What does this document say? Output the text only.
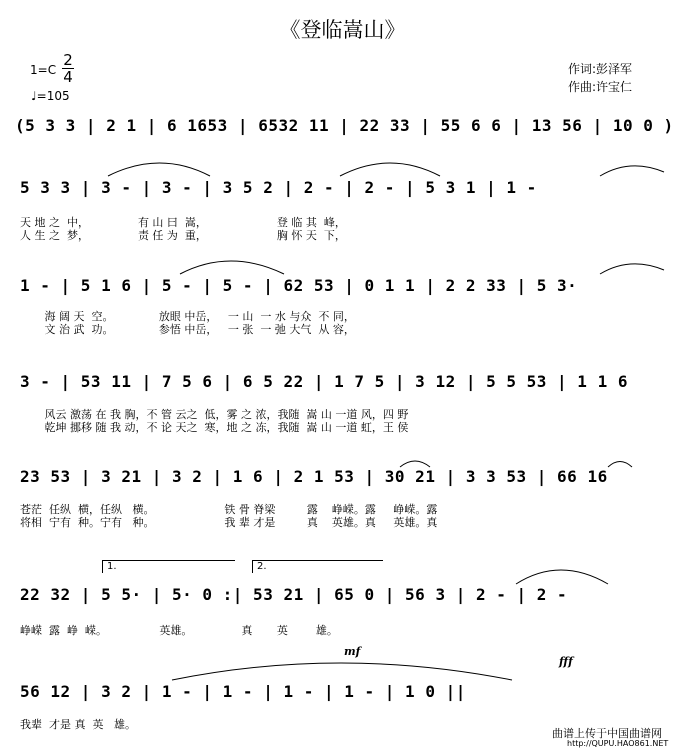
《登临嵩山》
1=C
2
4
♩=105
作词:彭泽军
作曲:许宝仁
(5 3 3 | 2 1 | 6 1653 | 6532 11 | 22 33 | 55 6 6 | 13 56 | 10 0 )
5 3 3 | 3 - | 3 - | 3 5 2 | 2 - | 2 - | 5 3 1 | 1 -
天 地 之  中，              有 山 曰  嵩，                    登 临 其  峰，
人 生 之  梦，              责 任 为  重，                    胸 怀 天  下，
1 - | 5 1 6 | 5 - | 5 - | 62 53 | 0 1 1 | 2 2 33 | 5 3·
海 阔 天  空。             放眼 中岳，   一 山  一 水 与众  不 同，
文 治 武  功。             参悟 中岳，   一 张  一 弛 大气  从 容，
3 - | 53 11 | 7 5 6 | 6 5 22 | 1 7 5 | 3 12 | 5 5 53 | 1 1 6
风云 激荡 在 我 胸，不 管 云之  低，雾 之 浓，我随  嵩 山 一道 风，四 野
乾坤 挪移 随 我 动，不 论 天之  寒，地 之 冻，我随  嵩 山 一道 虹，王 侯
23 53 | 3 21 | 3 2 | 1 6 | 2 1 53 | 30 21 | 3 3 53 | 66 16
苍茫  任纵  横，任纵   横。                    铁 骨 脊梁         露    峥嵘。露     峥嵘。露
将相  宁有  种。宁有   种。                    我 辈 才是         真    英雄。真     英雄。真
1.	2.
22 32 | 5 5· | 5· 0 :| 53 21 | 65 0 | 56 3 | 2 - | 2 -
峥嵘  露  峥  嵘。               英雄。              真       英        雄。
mf
fff
56 12 | 3 2 | 1 - | 1 - | 1 - | 1 - | 1 0 ||
我辈  才是 真  英   雄。
曲谱上传于中国曲谱网
http://QUPU.HAO861.NET
